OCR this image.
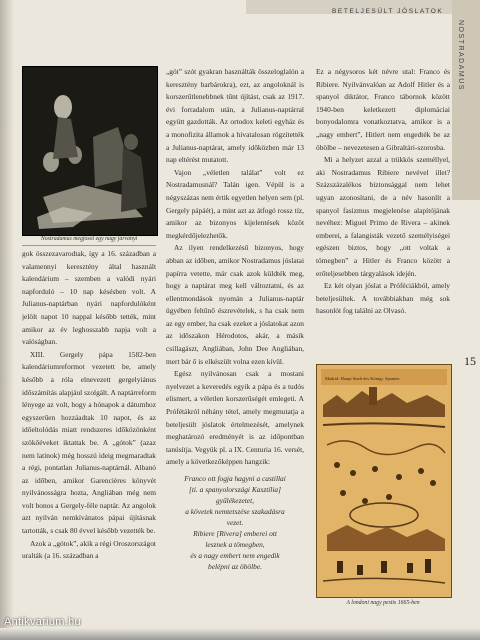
BETELJESÜLT JÓSLATOK
NOSTRADAMUS
15
Nostradamus megjósol egy nagy járványt

gok összezavarodtak, így a 16. században a valamennyi keresztény által használt kalendárium – szemben a valódi nyári napforduló – 10 nap késésben volt. A Julianus-naptárban nyári napfordulóként jelölt napot 10 nappal később tették, mint amikor az év leghosszabb napja volt a valóságban.

XIII. Gergely pápa 1582-ben kalendáriumreformot vezetett be, amely később a róla elnevezett gergelyiánus időszámítás alapjául szolgált. A naptárreform lényege az volt, hogy a hónapok a dátumhoz egyszerűen hozzáadtak 10 napot, és az időeltolódás miatt rendszeres időközönként szökőéveket iktattak be. A „gótok” (azaz nem latinok) még hosszú ideig megmaradtak a régi, pontatlan Julianus-naptárnál. Albanó az időben, amikor Garencières könyvét nyilvánosságra hozta, Angliában még nem volt bonos a Gergely-féle naptár. Az angolok azt nyilván nemkívánatos pápai újításnak tartották, s csak 80 évvel később vezették be.

Azok a „gótok”, akik a régi Oroszországot uralták (a 16. században a

„gót” szót gyakran használták összeloglalón a keresztény barbárokra), ezt, az angoloknál is korszerűtlenebbnek tűnt újítást, csak az 1917. évi forradalom után, a Julianus-naptárral együtt gazdották. Az ortodox keleti egyház és a monofizita államok a hivatalosan rögzítették a Julianus-naptárat, amely időközben már 13 nap eltérést mutatott.

Vajon „véletlen találat” volt ez Nostradamusnál? Talán igen. Vépül is a négyszázas nem értik egyetlen helyen sem (pl. Gergely pápáét), a mint azt az átfogó rossz tíz, amikor az bizonyos kijelentések közöt megkérdőjelezhetők.

Az ilyen rendelkezésű bizonyos, hogy abban az időben, amikor Nostradamus jóslatai papírra vetette, már csak azok küldték meg, hogy a naptárat meg kell változtatni, és az ellentmondások nyomán a Julianus-naptár ügyében feltűnő észrevételek, s ha csak nem az egy ember, ha csak ezeket a jóslatokat azon az időszakon Hérodotos, akár, a másik csillagászt, Angliában, John Dee Angliában, mert bár ő is elkészült volna ezen kívül.

Egész nyilvánosan csak a mostani nyelvezet a keveredés egyik a pápa és a tudós elismert, a véletlen korszerűségét emlegeti. A Prófétákról néhány tétel, amely megmutatja a beteljesült jóslatok értelmezését, amelynek meghatározó eredményét is az időpontban tanúsítja. Vegyük pl. a IX. Centuria 16. versét, amely a következőképpen hangzik:

Franco ott fogja hagyni a castillai
[ti. a spanyolországi Kasztília]
gyűlékezetet,
a követek nemtetszése szakadásra
vezet.
Ribiere [Rivera] emberei ott
lesznek a tömegben,
és a nagy embert nem engedik
belépni az öbölbe.

Ez a négysoros két névre utal: Franco és Ribiere. Nyilvánvalóan az Adolf Hitler és a spanyol diktátor, Franco tábornok között 1940-ben keletkezett diplomáciai bonyodalomra vonatkoztatva, amikor is a „nagy embert”, Hitlert nem engedték be az öbölbe – nevezetesen a Gibraltári-szorosba.

Mi a helyzet azzal a trükkös személlyel, aki Nostradamus Ribiere nevével illet? Százszázalékos biztonsággal nem lehet ugyan azonosítani, de a név hasonlít a spanyol fasizmus megjelenése alapítójának nevéhez: Miguel Primo de Rivera – akinek emberei, a falangisták vezető személyiségei egészen biztos, hogy „ott voltak a tömegben” a Hitler és Franco között a erőteljesebben tárgyalások idején.

Ez két olyan jóslat a Próféciákból, amely beteljesültek. A továbbiakban még sok hasonlót fog találni az Olvasó.

Madrid: Haupt Stadt des Königr. Spanien
A londoni nagy pestis 1665-ben
Antikvarium.hu
